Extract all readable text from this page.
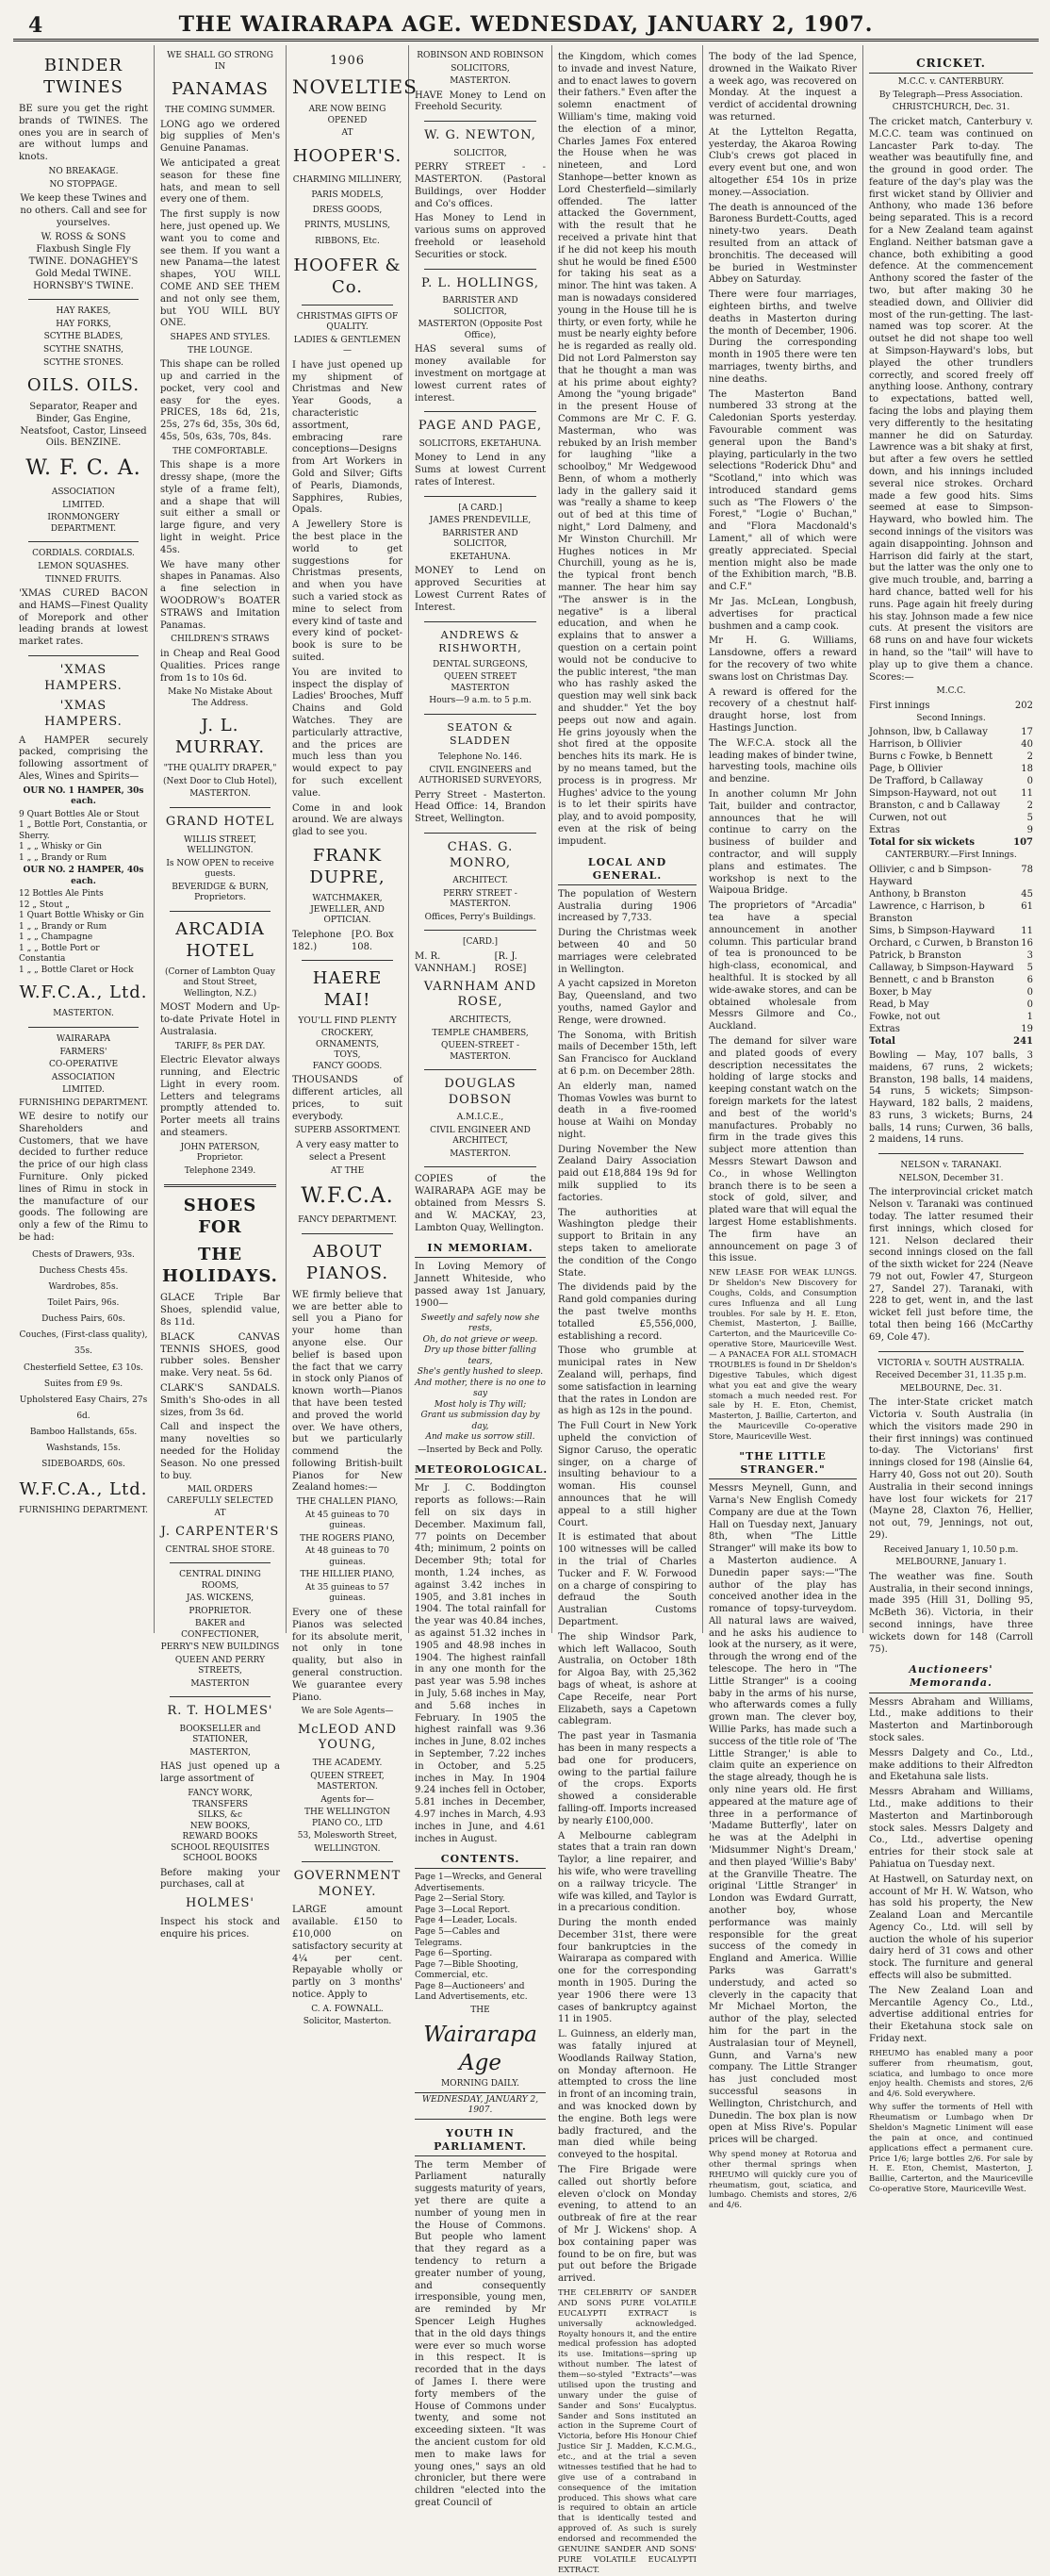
4	THE WAIRARAPA AGE. WEDNESDAY, JANUARY 2, 1907.
BINDER TWINES

BE sure you get the right brands of TWINES. The ones you are in search of are without lumps and knots.

NO BREAKAGE.
NO STOPPAGE.

We keep these Twines and no others. Call and see for yourselves.

W. ROSS & SONS Flaxbush Single Fly TWINE. DONAGHEY'S Gold Medal TWINE. HORNSBY'S TWINE.

HAY RAKES,
HAY FORKS,
SCYTHE BLADES,
SCYTHE SNATHS,
SCYTHE STONES.
OILS. OILS.

Separator, Reaper and Binder, Gas Engine, Neatsfoot, Castor, Linseed Oils. BENZINE.

W. F. C. A.
ASSOCIATION
LIMITED.
IRONMONGERY DEPARTMENT.
CORDIALS. CORDIALS.
LEMON SQUASHES.
TINNED FRUITS.

'XMAS CURED BACON and HAMS—Finest Quality of Morepork and other leading brands at lowest market rates.

'XMAS HAMPERS.
'XMAS HAMPERS.

A HAMPER securely packed, comprising the following assortment of Ales, Wines and Spirits—

OUR NO. 1 HAMPER, 30s each.
9 Quart Bottles Ale or Stout
1 „ Bottle Port, Constantia, or Sherry.
1 „ „ Whisky or Gin
1 „ „ Brandy or Rum
OUR NO. 2 HAMPER, 40s each.
12 Bottles Ale Pints
12 „ Stout „
1 Quart Bottle Whisky or Gin
1 „ „ Brandy or Rum
1 „ „ Champagne
1 „ „ Bottle Port or Constantia
1 „ „ Bottle Claret or Hock
W.F.C.A., Ltd.
MASTERTON.
WAIRARAPA
FARMERS'
CO-OPERATIVE
ASSOCIATION
LIMITED.
FURNISHING DEPARTMENT.

WE desire to notify our Shareholders and Customers, that we have decided to further reduce the price of our high class Furniture. Only picked lines of Rimu in stock in the manufacture of our goods. The following are only a few of the Rimu to be had:

Chests of Drawers, 93s.
Duchess Chests 45s.
Wardrobes, 85s.
Toilet Pairs, 96s.
Duchess Pairs, 60s.
Couches, (First-class quality), 35s.
Chesterfield Settee, £3 10s.
Suites from £9 9s.
Upholstered Easy Chairs, 27s 6d.
Bamboo Hallstands, 65s.
Washstands, 15s.
SIDEBOARDS, 60s.
W.F.C.A., Ltd.
FURNISHING DEPARTMENT.
WE SHALL GO STRONG IN
PANAMAS
THE COMING SUMMER.

LONG ago we ordered big supplies of Men's Genuine Panamas.

We anticipated a great season for these fine hats, and mean to sell every one of them.

The first supply is now here, just opened up. We want you to come and see them. If you want a new Panama—the latest shapes, YOU WILL COME AND SEE THEM and not only see them, but YOU WILL BUY ONE.

SHAPES AND STYLES.
THE LOUNGE.

This shape can be rolled up and carried in the pocket, very cool and easy for the eyes. PRICES, 18s 6d, 21s, 25s, 27s 6d, 35s, 30s 6d, 45s, 50s, 63s, 70s, 84s.

THE COMFORTABLE.

This shape is a more dressy shape, (more the style of a frame felt), and a shape that will suit either a small or large figure, and very light in weight. Price 45s.

We have many other shapes in Panamas. Also a fine selection in WOODROW's BOATER STRAWS and Imitation Panamas.

CHILDREN'S STRAWS

in Cheap and Real Good Qualities. Prices range from 1s to 10s 6d.

Make No Mistake About The Address.
J. L. MURRAY.
"THE QUALITY DRAPER,"
(Next Door to Club Hotel),
MASTERTON.
GRAND HOTEL
WILLIS STREET, WELLINGTON.
Is NOW OPEN to receive guests.
BEVERIDGE & BURN, Proprietors.
ARCADIA HOTEL
(Corner of Lambton Quay and Stout Street, Wellington, N.Z.)

MOST Modern and Up-to-date Private Hotel in Australasia.

TARIFF, 8s PER DAY.

Electric Elevator always running, and Electric Light in every room. Letters and telegrams promptly attended to. Porter meets all trains and steamers.

JOHN PATERSON, Proprietor.
Telephone 2349.
SHOES FOR
THE HOLIDAYS.

GLACE Triple Bar Shoes, splendid value, 8s 11d.

BLACK CANVAS TENNIS SHOES, good rubber soles. Bensher make. Very neat. 5s 6d.

CLARK'S SANDALS. Smith's Sho-odes in all sizes, from 3s 6d.

Call and inspect the many novelties so needed for the Holiday Season. No one pressed to buy.

MAIL ORDERS CAREFULLY SELECTED
AT
J. CARPENTER'S
CENTRAL SHOE STORE.
CENTRAL DINING ROOMS,
JAS. WICKENS,
PROPRIETOR.
BAKER and CONFECTIONER,
PERRY'S NEW BUILDINGS
QUEEN AND PERRY STREETS,
MASTERTON
R. T. HOLMES'
BOOKSELLER and STATIONER,
MASTERTON,

HAS just opened up a large assortment of

FANCY WORK,
TRANSFERS
SILKS, &c
NEW BOOKS,
REWARD BOOKS
SCHOOL REQUISITES
SCHOOL BOOKS

Before making your purchases, call at

HOLMES'

Inspect his stock and enquire his prices.

1906
NOVELTIES
ARE NOW BEING OPENED
AT
HOOPER'S.
CHARMING MILLINERY,
PARIS MODELS,
DRESS GOODS,
PRINTS, MUSLINS,
RIBBONS, Etc.
HOOFER & Co.
CHRISTMAS GIFTS OF QUALITY.
LADIES & GENTLEMEN—

I have just opened up my shipment of Christmas and New Year Goods, a characteristic assortment, embracing rare conceptions—Designs from Art Workers in Gold and Silver; Gifts of Pearls, Diamonds, Sapphires, Rubies, Opals.

A Jewellery Store is the best place in the world to get suggestions for Christmas presents, and when you have such a varied stock as mine to select from every kind of taste and every kind of pocket-book is sure to be suited.

You are invited to inspect the display of Ladies' Brooches, Muff Chains and Gold Watches. They are particularly attractive, and the prices are much less than you would expect to pay for such excellent value.

Come in and look around. We are always glad to see you.

FRANK DUPRE,
WATCHMAKER, JEWELLER, AND OPTICIAN.
Telephone 182.)
[P.O. Box 108.
HAERE MAI!
YOU'LL FIND PLENTY
CROCKERY,
ORNAMENTS,
TOYS,
FANCY GOODS.

THOUSANDS of different articles, all prices, to suit everybody.

SUPERB ASSORTMENT.

A very easy matter to select a Present

AT THE
W.F.C.A.
FANCY DEPARTMENT.
ABOUT PIANOS.

WE firmly believe that we are better able to sell you a Piano for your home than anyone else. Our belief is based upon the fact that we carry in stock only Pianos of known worth—Pianos that have been tested and proved the world over. We have others, but we particularly commend the following British-built Pianos for New Zealand homes:—

THE CHALLEN PIANO,
At 45 guineas to 70 guineas.
THE ROGERS PIANO,
At 48 guineas to 70 guineas.
THE HILLIER PIANO,
At 35 guineas to 57 guineas.

Every one of these Pianos was selected for its absolute merit, not only in tone quality, but also in general construction. We guarantee every Piano.

We are Sole Agents—
McLEOD AND YOUNG,
THE ACADEMY.
QUEEN STREET, MASTERTON.
Agents for—
THE WELLINGTON PIANO CO., LTD
53, Molesworth Street,
WELLINGTON.
GOVERNMENT MONEY.

LARGE amount available. £150 to £10,000 on satisfactory security at 4¼ per cent. Repayable wholly or partly on 3 months' notice. Apply to

C. A. FOWNALL.
Solicitor, Masterton.
ROBINSON AND ROBINSON
SOLICITORS,
MASTERTON.

HAVE Money to Lend on Freehold Security.

W. G. NEWTON,
SOLICITOR,

PERRY STREET - - MASTERTON. (Pastoral Buildings, over Hodder and Co's offices.

Has Money to Lend in various sums on approved freehold or leasehold Securities or stock.

P. L. HOLLINGS,
BARRISTER AND SOLICITOR,
MASTERTON (Opposite Post Office),

HAS several sums of money available for investment on mortgage at lowest current rates of interest.

PAGE AND PAGE,
SOLICITORS, EKETAHUNA.

Money to Lend in any Sums at lowest Current rates of Interest.

[A CARD.]
JAMES PRENDEVILLE,
BARRISTER AND SOLICITOR,
EKETAHUNA.

MONEY to Lend on approved Securities at Lowest Current Rates of Interest.

ANDREWS & RISHWORTH,
DENTAL SURGEONS,
QUEEN STREET MASTERTON
Hours—9 a.m. to 5 p.m.
SEATON & SLADDEN
Telephone No. 146.
CIVIL ENGINEERS and AUTHORISED SURVEYORS,

Perry Street - Masterton. Head Office: 14, Brandon Street, Wellington.

CHAS. G. MONRO,
ARCHITECT.
PERRY STREET - MASTERTON.
Offices, Perry's Buildings.
[CARD.]
M. R. VANNHAM.]
[R. J. ROSE]
VARNHAM AND ROSE,
ARCHITECTS,
TEMPLE CHAMBERS,
QUEEN-STREET - MASTERTON.
DOUGLAS DOBSON
A.M.I.C.E.,
CIVIL ENGINEER AND ARCHITECT,
MASTERTON.

COPIES of the WAIRARAPA AGE may be obtained from Messrs S. and W. MACKAY, 23, Lambton Quay, Wellington.

IN MEMORIAM.

In Loving Memory of Jannett Whiteside, who passed away 1st January, 1900—

Sweetly and safely now she rests,
Oh, do not grieve or weep.
Dry up those bitter falling tears,
She's gently hushed to sleep.
And mother, there is no one to say
Most holy is Thy will;
Grant us submission day by day,
And make us sorrow still.
—Inserted by Beck and Polly.
METEOROLOGICAL.

Mr J. C. Boddington reports as follows:—Rain fell on six days in December. Maximum fall, 77 points on December 4th; minimum, 2 points on December 9th; total for month, 1.24 inches, as against 3.42 inches in 1905, and 3.81 inches in 1904. The total rainfall for the year was 40.84 inches, as against 51.32 inches in 1905 and 48.98 inches in 1904. The highest rainfall in any one month for the past year was 5.98 inches in July, 5.68 inches in May, and 5.68 inches in February. In 1905 the highest rainfall was 9.36 inches in June, 8.02 inches in September, 7.22 inches in October, and 5.25 inches in May. In 1904 9.24 inches fell in October, 5.81 inches in December, 4.97 inches in March, 4.93 inches in June, and 4.61 inches in August.

CONTENTS.
Page 1—Wrecks, and General Advertisements.
Page 2—Serial Story.
Page 3—Local Report.
Page 4—Leader, Locals.
Page 5—Cables and Telegrams.
Page 6—Sporting.
Page 7—Bible Shooting, Commercial, etc.
Page 8—Auctioneers' and Land Advertisements, etc.
THE
Wairarapa Age
MORNING DAILY.
WEDNESDAY, JANUARY 2, 1907.
YOUTH IN PARLIAMENT.

The term Member of Parliament naturally suggests maturity of years, yet there are quite a number of young men in the House of Commons. But people who lament that they regard as a tendency to return a greater number of young, and consequently irresponsible, young men, are reminded by Mr Spencer Leigh Hughes that in the old days things were ever so much worse in this respect. It is recorded that in the days of James I. there were forty members of the House of Commons under twenty, and some not exceeding sixteen. "It was the ancient custom for old men to make laws for young ones," says an old chronicler, but there were children "elected into the great Council of

the Kingdom, which comes to invade and invest Nature, and to enact lawes to govern their fathers." Even after the solemn enactment of William's time, making void the election of a minor, Charles James Fox entered the House when he was nineteen, and Lord Stanhope—better known as Lord Chesterfield—similarly offended. The latter attacked the Government, with the result that he received a private hint that if he did not keep his mouth shut he would be fined £500 for taking his seat as a minor. The hint was taken. A man is nowadays considered young in the House till he is thirty, or even forty, while he must be nearly eighty before he is regarded as really old. Did not Lord Palmerston say that he thought a man was at his prime about eighty? Among the "young brigade" in the present House of Commons are Mr C. F. G. Masterman, who was rebuked by an Irish member for laughing "like a schoolboy," Mr Wedgewood Benn, of whom a motherly lady in the gallery said it was "really a shame to keep out of bed at this time of night," Lord Dalmeny, and Mr Winston Churchill. Mr Hughes notices in Mr Churchill, young as he is, the typical front bench manner. The hear him say "The answer is in the negative" is a liberal education, and when he explains that to answer a question on a certain point would not be conducive to the public interest, "the man who has rashly asked the question may well sink back and shudder." Yet the boy peeps out now and again. He grins joyously when the shot fired at the opposite benches hits its mark. He is by no means tamed, but the process is in progress. Mr Hughes' advice to the young is to let their spirits have play, and to avoid pomposity, even at the risk of being impudent.

LOCAL AND GENERAL.

The population of Western Australia during 1906 increased by 7,733.

During the Christmas week between 40 and 50 marriages were celebrated in Wellington.

A yacht capsized in Moreton Bay, Queensland, and two youths, named Gaylor and Renge, were drowned.

The Sonoma, with British mails of December 15th, left San Francisco for Auckland at 6 p.m. on December 28th.

An elderly man, named Thomas Vowles was burnt to death in a five-roomed house at Waihi on Monday night.

During November the New Zealand Dairy Association paid out £18,884 19s 9d for milk supplied to its factories.

The authorities at Washington pledge their support to Britain in any steps taken to ameliorate the condition of the Congo State.

The dividends paid by the Rand gold companies during the past twelve months totalled £5,556,000, establishing a record.

Those who grumble at municipal rates in New Zealand will, perhaps, find some satisfaction in learning that the rates in London are as high as 12s in the pound.

The Full Court in New York upheld the conviction of Signor Caruso, the operatic singer, on a charge of insulting behaviour to a woman. His counsel announces that he will appeal to a still higher Court.

It is estimated that about 100 witnesses will be called in the trial of Charles Tucker and F. W. Forwood on a charge of conspiring to defraud the South Australian Customs Department.

The ship Windsor Park, which left Wallacoo, South Australia, on October 18th for Algoa Bay, with 25,362 bags of wheat, is ashore at Cape Receife, near Port Elizabeth, says a Capetown cablegram.

The past year in Tasmania has been in many respects a bad one for producers, owing to the partial failure of the crops. Exports showed a considerable falling-off. Imports increased by nearly £100,000.

A Melbourne cablegram states that a train ran down Taylor, a line repairer, and his wife, who were travelling on a railway tricycle. The wife was killed, and Taylor is in a precarious condition.

During the month ended December 31st, there were four bankruptcies in the Wairarapa as compared with one for the corresponding month in 1905. During the year 1906 there were 13 cases of bankruptcy against 11 in 1905.

L. Guinness, an elderly man, was fatally injured at Woodlands Railway Station, on Monday afternoon. He attempted to cross the line in front of an incoming train, and was knocked down by the engine. Both legs were badly fractured, and the man died while being conveyed to the hospital.

The Fire Brigade were called out shortly before eleven o'clock on Monday evening, to attend to an outbreak of fire at the rear of Mr J. Wickens' shop. A box containing paper was found to be on fire, but was put out before the Brigade arrived.

THE CELEBRITY OF SANDER AND SONS PURE VOLATILE EUCALYPTI EXTRACT is universally acknowledged. Royalty honours it, and the entire medical profession has adopted its use. Imitations—spring up without number. The latest of them—so-styled "Extracts"—was utilised upon the trusting and unwary under the guise of Sander and Sons' Eucalyptus. Sander and Sons instituted an action in the Supreme Court of Victoria, before His Honour Chief Justice Sir J. Madden, K.C.M.G., etc., and at the trial a seven witnesses testified that he had to give use of a contraband in consequence of the imitation produced. This shows what care is required to obtain an article that is identically tested and approved of. As such is surely endorsed and recommended the GENUINE SANDER AND SONS' PURE VOLATILE EUCALYPTI EXTRACT.

The body of the lad Spence, drowned in the Waikato River a week ago, was recovered on Monday. At the inquest a verdict of accidental drowning was returned.

At the Lyttelton Regatta, yesterday, the Akaroa Rowing Club's crews got placed in every event but one, and won altogether £54 10s in prize money.—Association.

The death is announced of the Baroness Burdett-Coutts, aged ninety-two years. Death resulted from an attack of bronchitis. The deceased will be buried in Westminster Abbey on Saturday.

There were four marriages, eighteen births, and twelve deaths in Masterton during the month of December, 1906. During the corresponding month in 1905 there were ten marriages, twenty births, and nine deaths.

The Masterton Band numbered 33 strong at the Caledonian Sports yesterday. Favourable comment was general upon the Band's playing, particularly in the two selections "Roderick Dhu" and "Scotland," into which was introduced standard gems such as "The Flowers o' the Forest," "Logie o' Buchan," and "Flora Macdonald's Lament," all of which were greatly appreciated. Special mention might also be made of the Exhibition march, "B.B. and C.F."

Mr Jas. McLean, Longbush, advertises for practical bushmen and a camp cook.

Mr H. G. Williams, Lansdowne, offers a reward for the recovery of two white swans lost on Christmas Day.

A reward is offered for the recovery of a chestnut half-draught horse, lost from Hastings Junction.

The W.F.C.A. stock all the leading makes of binder twine, harvesting tools, machine oils and benzine.

In another column Mr John Tait, builder and contractor, announces that he will continue to carry on the business of builder and contractor, and will supply plans and estimates. The workshop is next to the Waipoua Bridge.

The proprietors of "Arcadia" tea have a special announcement in another column. This particular brand of tea is pronounced to be high-class, economical, and healthful. It is stocked by all wide-awake stores, and can be obtained wholesale from Messrs Gilmore and Co., Auckland.

The demand for silver ware and plated goods of every description necessitates the holding of large stocks and keeping constant watch on the foreign markets for the latest and best of the world's manufactures. Probably no firm in the trade gives this subject more attention than Messrs Stewart Dawson and Co., in whose Wellington branch there is to be seen a stock of gold, silver, and plated ware that will equal the largest Home establishments. The firm have an announcement on page 3 of this issue.

NEW LEASE FOR WEAK LUNGS. Dr Sheldon's New Discovery for Coughs, Colds, and Consumption cures Influenza and all Lung troubles. For sale by H. E. Eton, Chemist, Masterton, J. Baillie, Carterton, and the Mauriceville Co-operative Store, Mauriceville West. — A PANACEA FOR ALL STOMACH TROUBLES is found in Dr Sheldon's Digestive Tabules, which digest what you eat and give the weary stomach a much needed rest. For sale by H. E. Eton, Chemist, Masterton, J. Baillie, Carterton, and the Mauriceville Co-operative Store, Mauriceville West.

"THE LITTLE STRANGER."

Messrs Meynell, Gunn, and Varna's New English Comedy Company are due at the Town Hall on Tuesday next, January 8th, when "The Little Stranger" will make its bow to a Masterton audience. A Dunedin paper says:—"The author of the play has conceived another idea in the romance of topsy-turveydom. All natural laws are waived, and he asks his audience to look at the nursery, as it were, through the wrong end of the telescope. The hero in "The Little Stranger" is a cooing baby in the arms of his nurse, who afterwards comes a fully grown man. The clever boy, Willie Parks, has made such a success of the title role of 'The Little Stranger,' is able to claim quite an experience on the stage already, though he is only nine years old. He first appeared at the mature age of three in a performance of 'Madame Butterfly', later on he was at the Adelphi in 'Midsummer Night's Dream,' and then played 'Willie's Baby' at the Granville Theatre. The original 'Little Stranger' in London was Ewdard Gurratt, another boy, whose performance was mainly responsible for the great success of the comedy in England and America. Willie Parks was Garratt's understudy, and acted so cleverly in the capacity that Mr Michael Morton, the author of the play, selected him for the part in the Australasian tour of Meynell, Gunn, and Varna's new company. The Little Stranger has just concluded most successful seasons in Wellington, Christchurch, and Dunedin. The box plan is now open at Miss Rive's. Popular prices will be charged.

Why spend money at Rotorua and other thermal springs when RHEUMO will quickly cure you of rheumatism, gout, sciatica, and lumbago. Chemists and stores, 2/6 and 4/6.

CRICKET.
M.C.C. v. CANTERBURY.
By Telegraph—Press Association.
CHRISTCHURCH, Dec. 31.

The cricket match, Canterbury v. M.C.C. team was continued on Lancaster Park to-day. The weather was beautifully fine, and the ground in good order. The feature of the day's play was the first wicket stand by Ollivier and Anthony, who made 136 before being separated. This is a record for a New Zealand team against England. Neither batsman gave a chance, both exhibiting a good defence. At the commencement Anthony scored the faster of the two, but after making 30 he steadied down, and Ollivier did most of the run-getting. The last-named was top scorer. At the outset he did not shape too well at Simpson-Hayward's lobs, but played the other trundlers correctly, and scored freely off anything loose. Anthony, contrary to expectations, batted well, facing the lobs and playing them very differently to the hesitating manner he did on Saturday. Lawrence was a bit shaky at first, but after a few overs he settled down, and his innings included several nice strokes. Orchard made a few good hits. Sims seemed at ease to Simpson-Hayward, who bowled him. The second innings of the visitors was again disappointing. Johnson and Harrison did fairly at the start, but the latter was the only one to give much trouble, and, barring a hard chance, batted well for his runs. Page again hit freely during his stay. Johnson made a few nice cuts. At present the visitors are 68 runs on and have four wickets in hand, so the "tail" will have to play up to give them a chance. Scores:—

M.C.C.
First innings	202
Second Innings.
Johnson, lbw, b Callaway	17
Harrison, b Ollivier	40
Burns c Fowke, b Bennett	2
Page, b Ollivier	18
De Trafford, b Callaway	0
Simpson-Hayward, not out	11
Branston, c and b Callaway	2
Curwen, not out	5
Extras	9
Total for six wickets	107
CANTERBURY.—First Innings.
Ollivier, c and b Simpson-Hayward
78
Anthony, b Branston	45
Lawrence, c Harrison, b Branston
61
Sims, b Simpson-Hayward	11
Orchard, c Curwen, b Branston 16
Patrick, b Branston	3
Callaway, b Simpson-Hayward 5
Bennett, c and b Branston	6
Boxer, b May	0
Read, b May	0
Fowke, not out	1
Extras	19
Total	241

Bowling — May, 107 balls, 3 maidens, 67 runs, 2 wickets; Branston, 198 balls, 14 maidens, 54 runs, 5 wickets; Simpson-Hayward, 182 balls, 2 maidens, 83 runs, 3 wickets; Burns, 24 balls, 14 runs; Curwen, 36 balls, 2 maidens, 14 runs.

NELSON v. TARANAKI.
NELSON, December 31.

The interprovincial cricket match Nelson v. Taranaki was continued today. The latter resumed their first innings, which closed for 121. Nelson declared their second innings closed on the fall of the sixth wicket for 224 (Neave 79 not out, Fowler 47, Sturgeon 27, Sandel 27). Taranaki, with 228 to get, went in, and the last wicket fell just before time, the total then being 166 (McCarthy 69, Cole 47).

VICTORIA v. SOUTH AUSTRALIA.
Received December 31, 11.35 p.m.
MELBOURNE, Dec. 31.

The inter-State cricket match Victoria v. South Australia (in which the visitors made 290 in their first innings) was continued to-day. The Victorians' first innings closed for 198 (Ainslie 64, Harry 40, Goss not out 20). South Australia in their second innings have lost four wickets for 217 (Mayne 28, Claxton 76, Hellier, not out, 79, Jennings, not out, 29).

Received January 1, 10.50 p.m.
MELBOURNE, January 1.

The weather was fine. South Australia, in their second innings, made 395 (Hill 31, Dolling 95, McBeth 36). Victoria, in their second innings, have three wickets down for 148 (Carroll 75).

Auctioneers' Memoranda.

Messrs Abraham and Williams, Ltd., make additions to their Masterton and Martinborough stock sales.

Messrs Dalgety and Co., Ltd., make additions to their Alfredton and Eketahuna sale lists.

Messrs Abraham and Williams, Ltd., make additions to their Masterton and Martinborough stock sales. Messrs Dalgety and Co., Ltd., advertise opening entries for their stock sale at Pahiatua on Tuesday next.

At Hastwell, on Saturday next, on account of Mr H. W. Watson, who has sold his property, the New Zealand Loan and Mercantile Agency Co., Ltd. will sell by auction the whole of his superior dairy herd of 31 cows and other stock. The furniture and general effects will also be submitted.

The New Zealand Loan and Mercantile Agency Co., Ltd., advertise additional entries for their Eketahuna stock sale on Friday next.

RHEUMO has enabled many a poor sufferer from rheumatism, gout, sciatica, and lumbago to once more enjoy health. Chemists and stores, 2/6 and 4/6. Sold everywhere.

Why suffer the torments of Hell with Rheumatism or Lumbago when Dr Sheldon's Magnetic Liniment will ease the pain at once, and continued applications effect a permanent cure. Price 1/6; large bottles 2/6. For sale by H. E. Eton, Chemist, Masterton, J. Baillie, Carterton, and the Mauriceville Co-operative Store, Mauriceville West.
